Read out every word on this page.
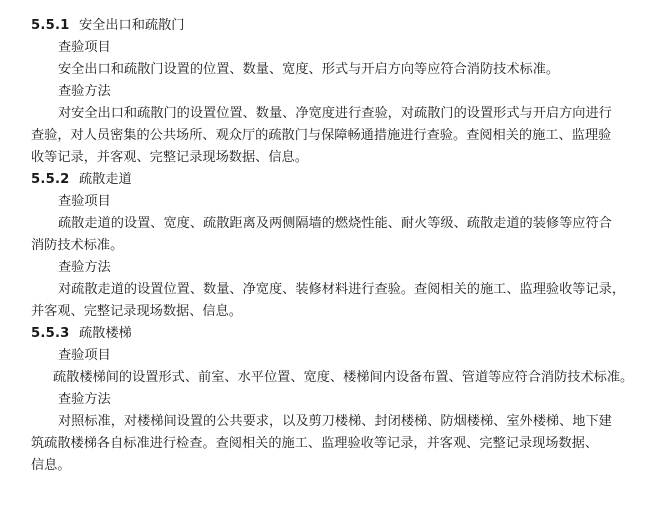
5.5.1 安全出口和疏散门
查验项目
安全出口和疏散门设置的位置、数量、宽度、形式与开启方向等应符合消防技术标准。
查验方法
对安全出口和疏散门的设置位置、数量、净宽度进行查验，对疏散门的设置形式与开启方向进行
查验，对人员密集的公共场所、观众厅的疏散门与保障畅通措施进行查验。查阅相关的施工、监理验
收等记录，并客观、完整记录现场数据、信息。
5.5.2 疏散走道
查验项目
疏散走道的设置、宽度、疏散距离及两侧隔墙的燃烧性能、耐火等级、疏散走道的装修等应符合
消防技术标准。
查验方法
对疏散走道的设置位置、数量、净宽度、装修材料进行查验。查阅相关的施工、监理验收等记录，
并客观、完整记录现场数据、信息。
5.5.3 疏散楼梯
查验项目
疏散楼梯间的设置形式、前室、水平位置、宽度、楼梯间内设备布置、管道等应符合消防技术标准。
查验方法
对照标准，对楼梯间设置的公共要求，以及剪刀楼梯、封闭楼梯、防烟楼梯、室外楼梯、地下建
筑疏散楼梯各自标准进行检查。查阅相关的施工、监理验收等记录，并客观、完整记录现场数据、
信息。
